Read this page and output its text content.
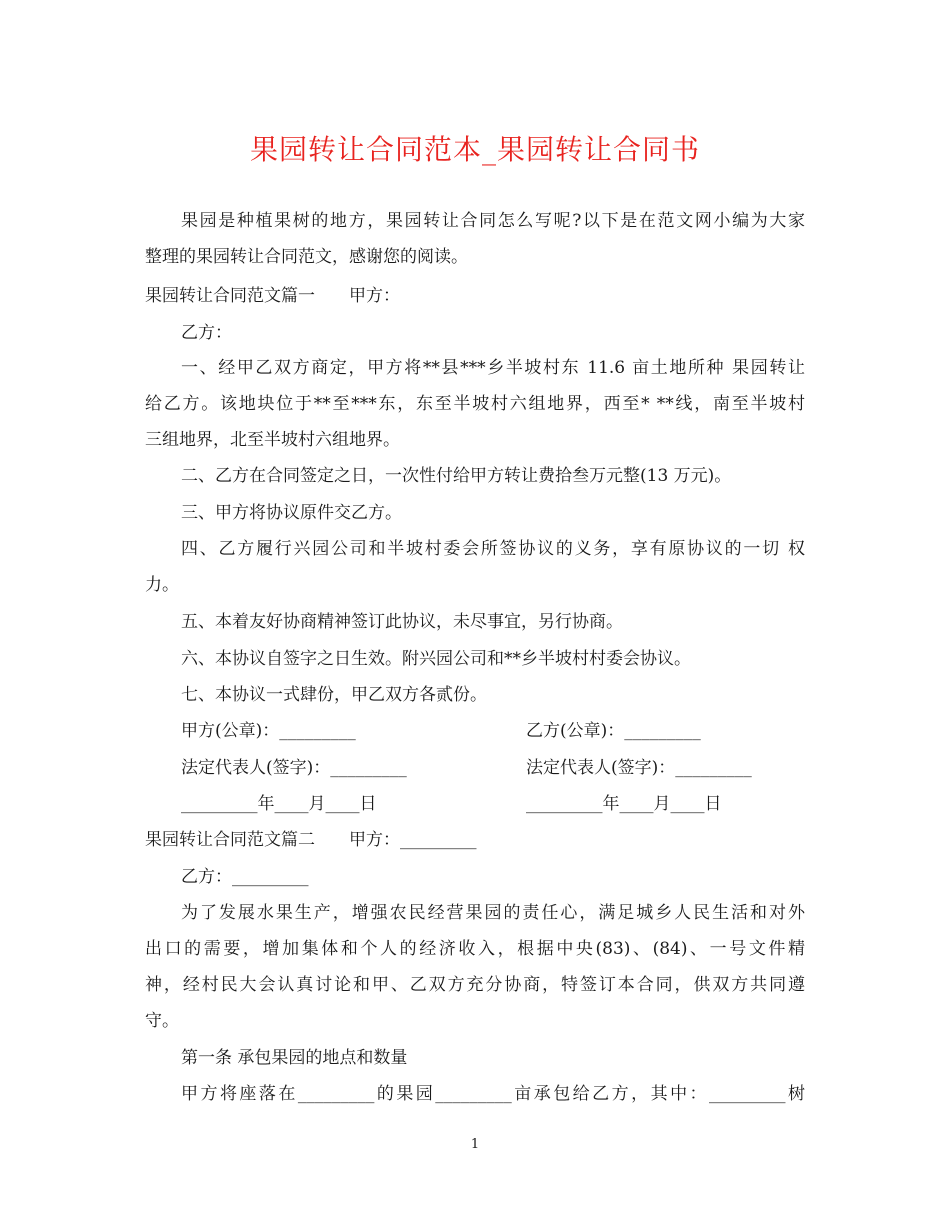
果园转让合同范本_果园转让合同书
果园是种植果树的地方，果园转让合同怎么写呢?以下是在范文网小编为大家
整理的果园转让合同范文，感谢您的阅读。
果园转让合同范文篇一　　甲方：
乙方：
一、经甲乙双方商定，甲方将**县***乡半坡村东 11.6 亩土地所种 果园转让
给乙方。该地块位于**至***东，东至半坡村六组地界，西至* **线，南至半坡村
三组地界，北至半坡村六组地界。
二、乙方在合同签定之日，一次性付给甲方转让费拾叁万元整(13 万元)。
三、甲方将协议原件交乙方。
四、乙方履行兴园公司和半坡村委会所签协议的义务，享有原协议的一切 权
力。
五、本着友好协商精神签订此协议，未尽事宜，另行协商。
六、本协议自签字之日生效。附兴园公司和**乡半坡村村委会协议。
七、本协议一式肆份，甲乙双方各贰份。
甲方(公章)：_________	乙方(公章)：_________
法定代表人(签字)：_________	法定代表人(签字)：_________
_________年____月____日	_________年____月____日
果园转让合同范文篇二　　甲方：_________
乙方：_________
为了发展水果生产，增强农民经营果园的责任心，满足城乡人民生活和对外
出口的需要，增加集体和个人的经济收入，根据中央(83)、(84)、一号文件精
神，经村民大会认真讨论和甲、乙双方充分协商，特签订本合同，供双方共同遵
守。
第一条 承包果园的地点和数量
甲方将座落在_________的果园_________亩承包给乙方，其中：_________树
1
